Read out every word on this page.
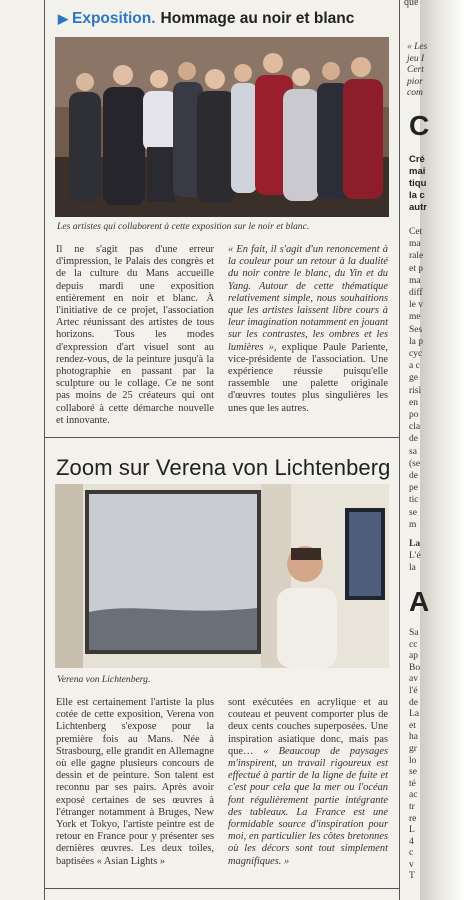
▶ Exposition. Hommage au noir et blanc
Les artistes qui collaborent à cette exposition sur le noir et blanc.

Il ne s'agit pas d'une erreur d'impression, le Palais des congrès et de la culture du Mans accueille depuis mardi une exposition entièrement en noir et blanc. À l'initiative de ce projet, l'association Artec réunissant des artistes de tous horizons. Tous les modes d'expression d'art visuel sont au rendez-vous, de la peinture jusqu'à la photographie en passant par la sculpture ou le collage. Ce ne sont pas moins de 25 créateurs qui ont collaboré à cette démarche nouvelle et innovante.

« En fait, il s'agit d'un renoncement à la couleur pour un retour à la dualité du noir contre le blanc, du Yin et du Yang. Autour de cette thématique relativement simple, nous souhaitions que les artistes laissent libre cours à leur imagination notamment en jouant sur les contrastes, les ombres et les lumières », explique Paule Pariente, vice-présidente de l'association. Une expérience réussie puisqu'elle rassemble une palette originale d'œuvres toutes plus singulières les unes que les autres.

Zoom sur Verena von Lichtenberg
Verena von Lichtenberg.

Elle est certainement l'artiste la plus cotée de cette exposition, Verena von Lichtenberg s'expose pour la première fois au Mans. Née à Strasbourg, elle grandit en Allemagne où elle gagne plusieurs concours de dessin et de peinture. Son talent est reconnu par ses pairs. Après avoir exposé certaines de ses œuvres à l'étranger notamment à Bruges, New York et Tokyo, l'artiste peintre est de retour en France pour y présenter ses dernières œuvres. Les deux toiles, baptisées « Asian Lights »

sont exécutées en acrylique et au couteau et peuvent comporter plus de deux cents couches superposées. Une inspiration asiatique donc, mais pas que… « Beaucoup de paysages m'inspirent, un travail rigoureux est effectué à partir de la ligne de fuite et c'est pour cela que la mer ou l'océan font régulièrement partie intégrante des tableaux. La France est une formidable source d'inspiration pour moi, en particulier les côtes bretonnes où les décors sont tout simplement magnifiques. »

que
« Les
jeu I
Cert
pior
com
C
Cré
mai
tiqu
la c
autr
Cet
ma
rale
et p
ma
diff
le v
me
Ses
la p
cyc
a c
ge
risi
en
po
cla
de
sa
(se
de
pe
tic
se
m
La
L'é
la
A
Sa
cc
ap
Bo
av
l'é
de
La
et
ha
gr
lo
se
té
ac
tr
re
L
4
c
v
T
